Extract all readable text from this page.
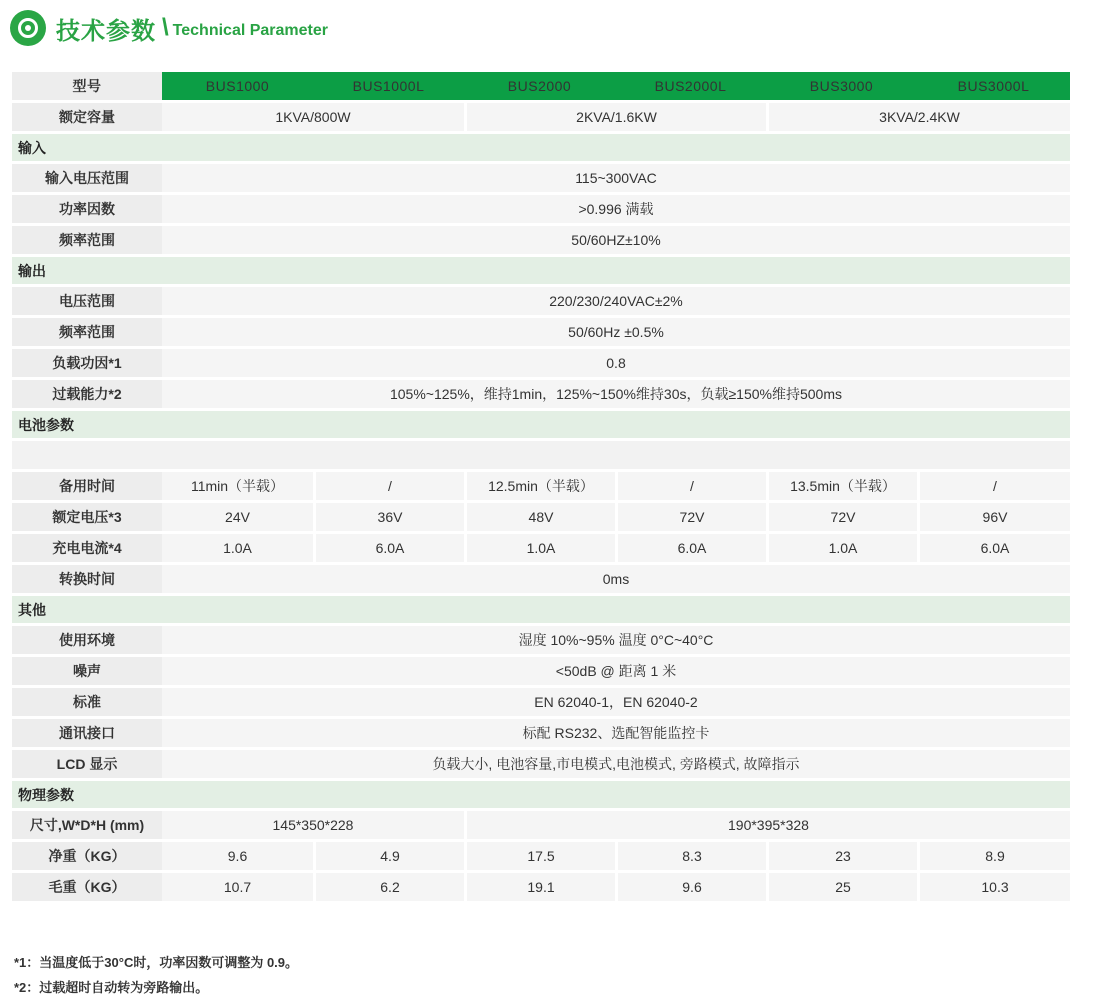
技术参数 \ Technical Parameter
型号	BUS1000	BUS1000L	BUS2000	BUS2000L	BUS3000	BUS3000L
额定容量	1KVA/800W		2KVA/1.6KW		3KVA/2.4KW	
输入						
输入电压范围	115~300VAC					
功率因数	>0.996 满载					
频率范围	50/60HZ±10%					
输出						
电压范围	220/230/240VAC±2%					
频率范围	50/60Hz ±0.5%					
负载功因*1	0.8					
过载能力*2	105%~125%，维持1min，125%~150%维持30s，负载≥150%维持500ms					
电池参数						

备用时间	11min（半载）	/	12.5min（半载）	/	13.5min（半载）	/
额定电压*3	24V	36V	48V	72V	72V	96V
充电电流*4	1.0A	6.0A	1.0A	6.0A	1.0A	6.0A
转换时间	0ms					
其他						
使用环境	湿度 10%~95% 温度 0°C~40°C					
噪声	<50dB @ 距离 1 米					
标准	EN 62040-1，EN 62040-2					
通讯接口	标配 RS232、选配智能监控卡					
LCD 显示	负载大小, 电池容量,市电模式,电池模式, 旁路模式, 故障指示					
物理参数						
尺寸,W*D*H (mm)	145*350*228		190*395*328			
净重（KG）	9.6	4.9	17.5	8.3	23	8.9
毛重（KG）	10.7	6.2	19.1	9.6	25	10.3
*1：当温度低于30°C时，功率因数可调整为 0.9。
*2：过载超时自动转为旁路输出。
